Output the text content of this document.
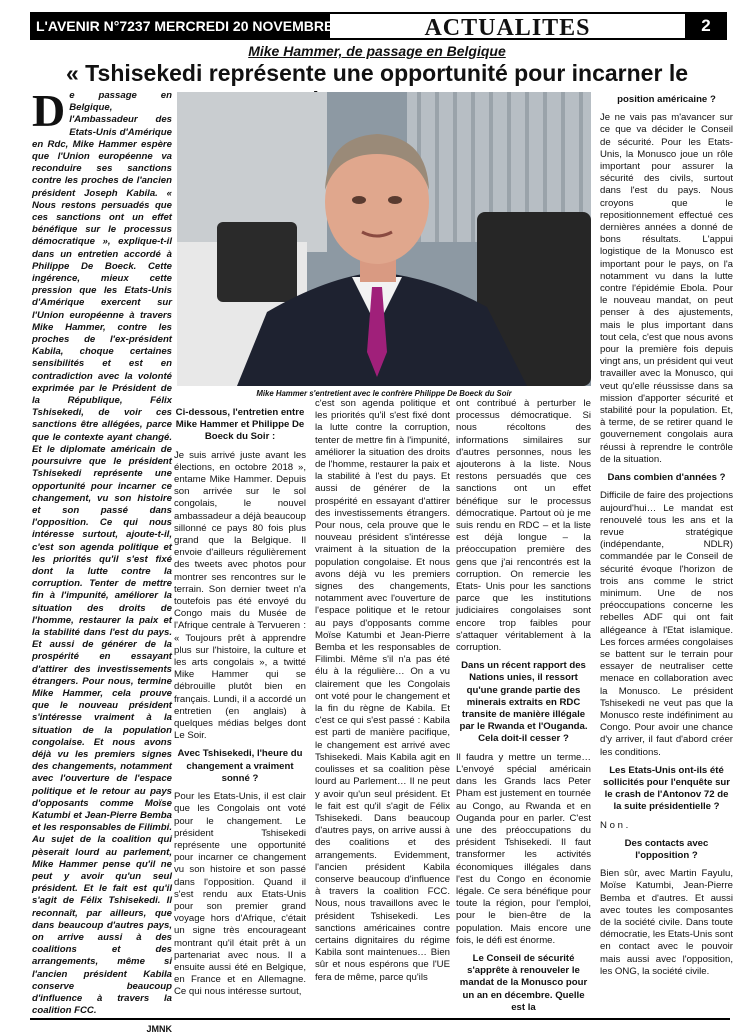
L'AVENIR N°7237 MERCREDI 20 NOVEMBRE 2019	ACTUALITES	2
Mike Hammer, de passage en Belgique
« Tshisekedi représente une opportunité pour incarner le
De passage en Belgique, l'Ambassadeur des Etats-Unis d'Amérique en Rdc, Mike Hammer espère que l'Union européenne va reconduire ses sanctions contre les proches de l'ancien président Joseph Kabila. « Nous restons persuadés que ces sanctions ont un effet bénéfique sur le processus démocratique », explique-t-il dans un entretien accordé à Philippe De Boeck. Cette ingérence, mieux cette pression que les Etats-Unis d'Amérique exercent sur l'Union européenne à travers Mike Hammer, contre les proches de l'ex-président Kabila, choque certaines sensibilités et est en contradiction avec la volonté exprimée par le Président de la République, Félix Tshisekedi, de voir ces sanctions être allégées, parce que le contexte ayant changé. Et le diplomate américain de poursuivre que le président Tshisekedi représente une opportunité pour incarner ce changement, vu son histoire et son passé dans l'opposition. Ce qui nous intéresse surtout, ajoute-t-il, c'est son agenda politique et les priorités qu'il s'est fixé dont la lutte contre la corruption. Tenter de mettre fin à l'impunité, améliorer la situation des droits de l'homme, restaurer la paix et la stabilité dans l'est du pays. Et aussi de générer de la prospérité en essayant d'attirer des investissements étrangers. Pour nous, termine Mike Hammer, cela prouve que le nouveau président s'intéresse vraiment à la situation de la population congolaise. Et nous avons déjà vu les premiers signes des changements, notamment avec l'ouverture de l'espace politique et le retour au pays d'opposants comme Moïse Katumbi et Jean-Pierre Bemba et les responsables de Filimbi. Au sujet de la coalition qui pèserait lourd au parlement, Mike Hammer pense qu'il ne peut y avoir qu'un seul président. Et le fait est qu'il s'agit de Félix Tshisekedi. Il reconnaît, par ailleurs, que dans beaucoup d'autres pays, on arrive aussi à des coalitions et des arrangements, même si l'ancien président Kabila conserve beaucoup d'influence à travers la coalition FCC.
JMNK
Mike Hammer s'entretient avec le confrère Philippe De Boeck du Soir
Ci-dessous, l'entretien entre Mike Hammer et Philippe De Boeck du Soir :
Je suis arrivé juste avant les élections, en octobre 2018 », entame Mike Hammer. Depuis son arrivée sur le sol congolais, le nouvel ambassadeur a déjà beaucoup sillonné ce pays 80 fois plus grand que la Belgique. Il envoie d'ailleurs régulièrement des tweets avec photos pour montrer ses rencontres sur le terrain. Son dernier tweet n'a toutefois pas été envoyé du Congo mais du Musée de l'Afrique centrale à Tervueren : « Toujours prêt à apprendre plus sur l'histoire, la culture et les arts congolais », a twitté Mike Hammer qui se débrouille plutôt bien en français. Lundi, il a accordé un entretien (en anglais) à quelques médias belges dont Le Soir.
Avec Tshisekedi, l'heure du changement a vraiment sonné ?
Pour les Etats-Unis, il est clair que les Congolais ont voté pour le changement. Le président Tshisekedi représente une opportunité pour incarner ce changement vu son histoire et son passé dans l'opposition. Quand il s'est rendu aux Etats-Unis pour son premier grand voyage hors d'Afrique, c'était un signe très encourageant montrant qu'il était prêt à un partenariat avec nous. Il a ensuite aussi été en Belgique, en France et en Allemagne. Ce qui nous intéresse surtout,
c'est son agenda politique et les priorités qu'il s'est fixé dont la lutte contre la corruption, tenter de mettre fin à l'impunité, améliorer la situation des droits de l'homme, restaurer la paix et la stabilité à l'est du pays. Et aussi de générer de la prospérité en essayant d'attirer des investissements étrangers. Pour nous, cela prouve que le nouveau président s'intéresse vraiment à la situation de la population congolaise. Et nous avons déjà vu les premiers signes des changements, notamment avec l'ouverture de l'espace politique et le retour au pays d'opposants comme Moïse Katumbi et Jean-Pierre Bemba et les responsables de Filimbi. Même s'il n'a pas été élu à la régulière… On a vu clairement que les Congolais ont voté pour le changement et la fin du règne de Kabila. Et c'est ce qui s'est passé : Kabila est parti de manière pacifique, le changement est arrivé avec Tshisekedi. Mais Kabila agit en coulisses et sa coalition pèse lourd au Parlement… Il ne peut y avoir qu'un seul président. Et le fait est qu'il s'agit de Félix Tshisekedi. Dans beaucoup d'autres pays, on arrive aussi à des coalitions et des arrangements. Evidemment, l'ancien président Kabila conserve beaucoup d'influence à travers la coalition FCC. Nous, nous travaillons avec le président Tshisekedi. Les sanctions américaines contre certains dignitaires du régime Kabila sont maintenues… Bien sûr et nous espérons que l'UE fera de même, parce qu'ils
ont contribué à perturber le processus démocratique. Si nous récoltons des informations similaires sur d'autres personnes, nous les ajouterons à la liste. Nous restons persuadés que ces sanctions ont un effet bénéfique sur le processus démocratique. Partout où je me suis rendu en RDC – et la liste est déjà longue – la préoccupation première des gens que j'ai rencontrés est la corruption. On remercie les Etats- Unis pour les sanctions parce que les institutions judiciaires congolaises sont encore trop faibles pour s'attaquer véritablement à la corruption.
Dans un récent rapport des Nations unies, il ressort qu'une grande partie des minerais extraits en RDC transite de manière illégale par le Rwanda et l'Ouganda. Cela doit-il cesser ?
Il faudra y mettre un terme… L'envoyé spécial américain dans les Grands lacs Peter Pham est justement en tournée au Congo, au Rwanda et en Ouganda pour en parler. C'est une des préoccupations du président Tshisekedi. Il faut transformer les activités économiques illégales dans l'est du Congo en économie légale. Ce sera bénéfique pour toute la région, pour l'emploi, pour le bien-être de la population. Mais encore une fois, le défi est énorme.
Le Conseil de sécurité s'apprête à renouveler le mandat de la Monusco pour un an en décembre. Quelle est la
position américaine ?
Je ne vais pas m'avancer sur ce que va décider le Conseil de sécurité. Pour les Etats-Unis, la Monusco joue un rôle important pour assurer la sécurité des civils, surtout dans l'est du pays. Nous croyons que le repositionnement effectué ces dernières années a donné de bons résultats. L'appui logistique de la Monusco est important pour le pays, on l'a notamment vu dans la lutte contre l'épidémie Ebola. Pour le nouveau mandat, on peut penser à des ajustements, mais le plus important dans tout cela, c'est que nous avons pour la première fois depuis vingt ans, un président qui veut travailler avec la Monusco, qui veut qu'elle réussisse dans sa mission d'apporter sécurité et stabilité pour la population. Et, à terme, de se retirer quand le gouvernement congolais aura réussi à reprendre le contrôle de la situation.
Dans combien d'années ?
Difficile de faire des projections aujourd'hui… Le mandat est renouvelé tous les ans et la revue stratégique (indépendante, NDLR) commandée par le Conseil de sécurité évoque l'horizon de trois ans comme le strict minimum. Une de nos préoccupations concerne les rebelles ADF qui ont fait allégeance à l'Etat islamique. Les forces armées congolaises se battent sur le terrain pour essayer de neutraliser cette menace en collaboration avec la Monusco. Le président Tshisekedi ne veut pas que la Monusco reste indéfiniment au Congo. Pour avoir une chance d'y arriver, il faut d'abord créer les conditions.
Les Etats-Unis ont-ils été sollicités pour l'enquête sur le crash de l'Antonov 72 de la suite présidentielle ?
N o n .
Des contacts avec l'opposition ?
Bien sûr, avec Martin Fayulu, Moïse Katumbi, Jean-Pierre Bemba et d'autres. Et aussi avec toutes les composantes de la société civile. Dans toute démocratie, les Etats-Unis sont en contact avec le pouvoir mais aussi avec l'opposition, les ONG, la société civile.
